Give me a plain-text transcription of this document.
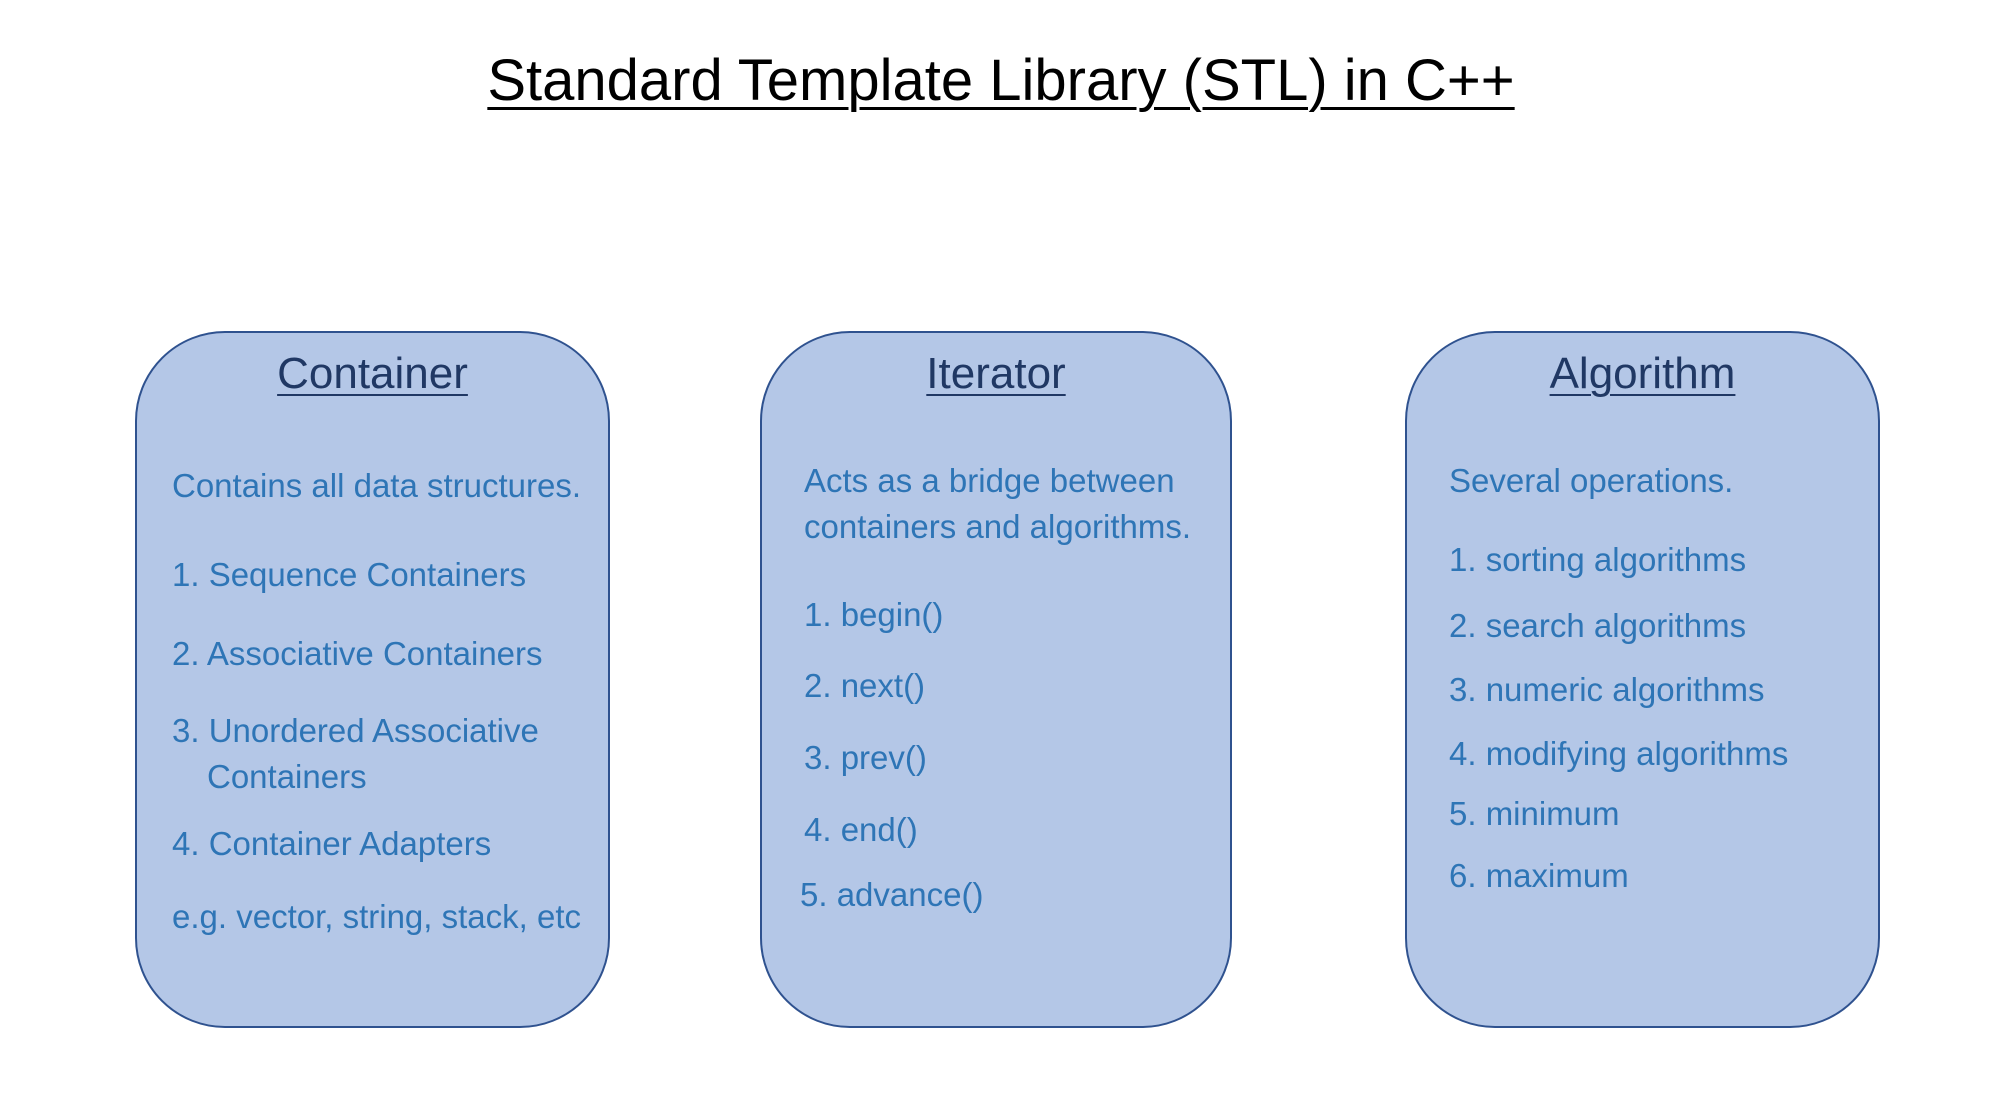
Standard Template Library (STL) in C++
Container
Contains all data structures.
1. Sequence Containers
2. Associative Containers
3. Unordered Associative
Containers
4. Container Adapters
e.g. vector, string, stack, etc
Iterator
Acts as a bridge between
containers and algorithms.
1. begin()
2. next()
3. prev()
4. end()
5. advance()
Algorithm
Several operations.
1. sorting algorithms
2. search algorithms
3. numeric algorithms
4. modifying algorithms
5. minimum
6. maximum
